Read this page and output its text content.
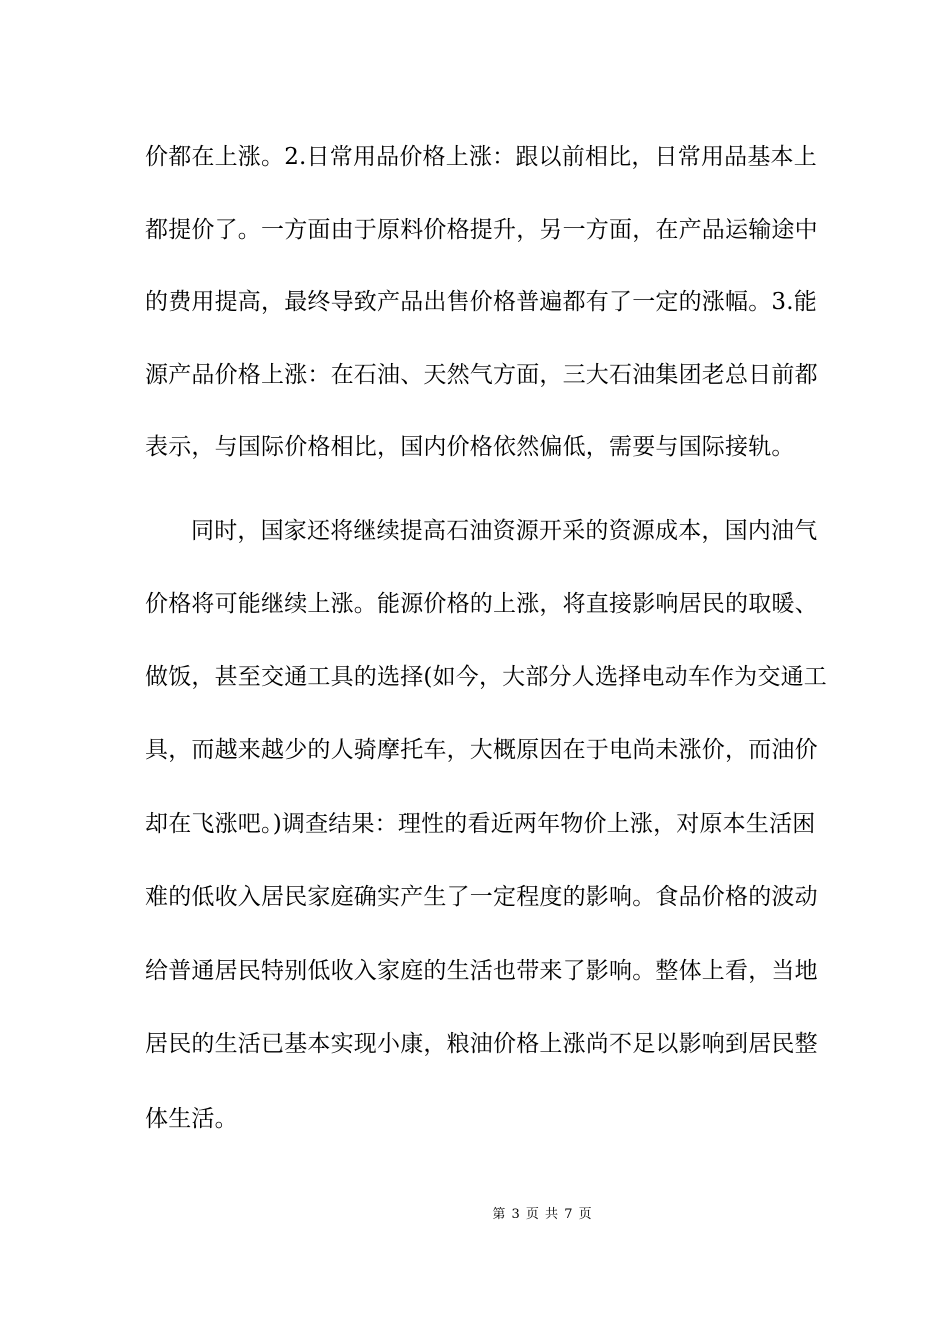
价都在上涨。2.日常用品价格上涨：跟以前相比，日常用品基本上
都提价了。一方面由于原料价格提升，另一方面，在产品运输途中
的费用提高，最终导致产品出售价格普遍都有了一定的涨幅。3.能
源产品价格上涨：在石油、天然气方面，三大石油集团老总日前都
表示，与国际价格相比，国内价格依然偏低，需要与国际接轨。
同时，国家还将继续提高石油资源开采的资源成本，国内油气
价格将可能继续上涨。能源价格的上涨，将直接影响居民的取暖、
做饭，甚至交通工具的选择(如今，大部分人选择电动车作为交通工
具，而越来越少的人骑摩托车，大概原因在于电尚未涨价，而油价
却在飞涨吧。)调查结果：理性的看近两年物价上涨，对原本生活困
难的低收入居民家庭确实产生了一定程度的影响。食品价格的波动
给普通居民特别低收入家庭的生活也带来了影响。整体上看，当地
居民的生活已基本实现小康，粮油价格上涨尚不足以影响到居民整
体生活。
第 3 页 共 7 页
